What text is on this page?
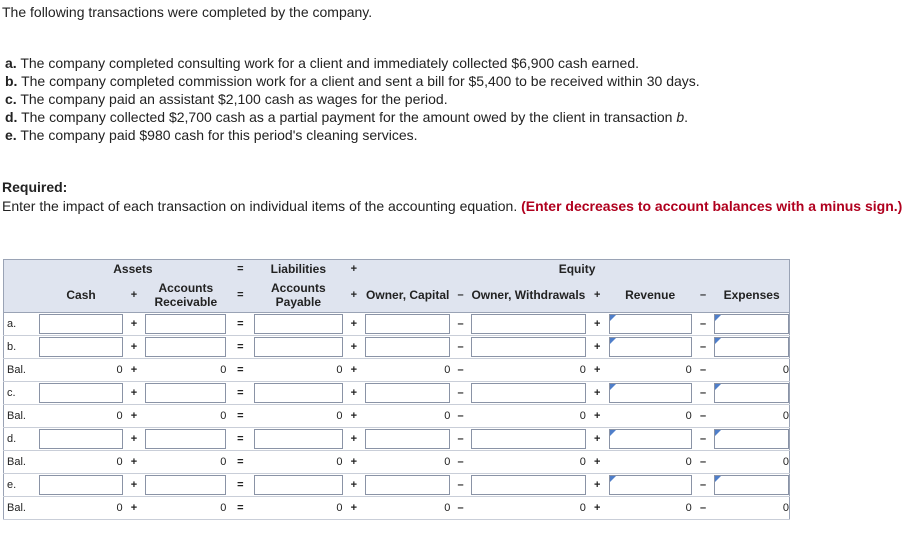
The following transactions were completed by the company.
a. The company completed consulting work for a client and immediately collected $6,900 cash earned.
b. The company completed commission work for a client and sent a bill for $5,400 to be received within 30 days.
c. The company paid an assistant $2,100 cash as wages for the period.
d. The company collected $2,700 cash as a partial payment for the amount owed by the client in transaction b.
e. The company paid $980 cash for this period's cleaning services.
Required:
Enter the impact of each transaction on individual items of the accounting equation. (Enter decreases to account balances with a minus sign.)
	Assets			=	Liabilities	+	Equity						
	Cash	+	Accounts Receivable	=	Accounts Payable	+	Owner, Capital	–	Owner, Withdrawals	+	Revenue	–	Expenses
a.		+		=		+		–		+		–	

b.		+		=		+		–		+		–	

Bal.	0	+	0	=	0	+	0	–	0	+	0	–	0
c.		+		=		+		–		+		–	

Bal.	0	+	0	=	0	+	0	–	0	+	0	–	0
d.		+		=		+		–		+		–	

Bal.	0	+	0	=	0	+	0	–	0	+	0	–	0
e.		+		=		+		–		+		–	

Bal.	0	+	0	=	0	+	0	–	0	+	0	–	0
